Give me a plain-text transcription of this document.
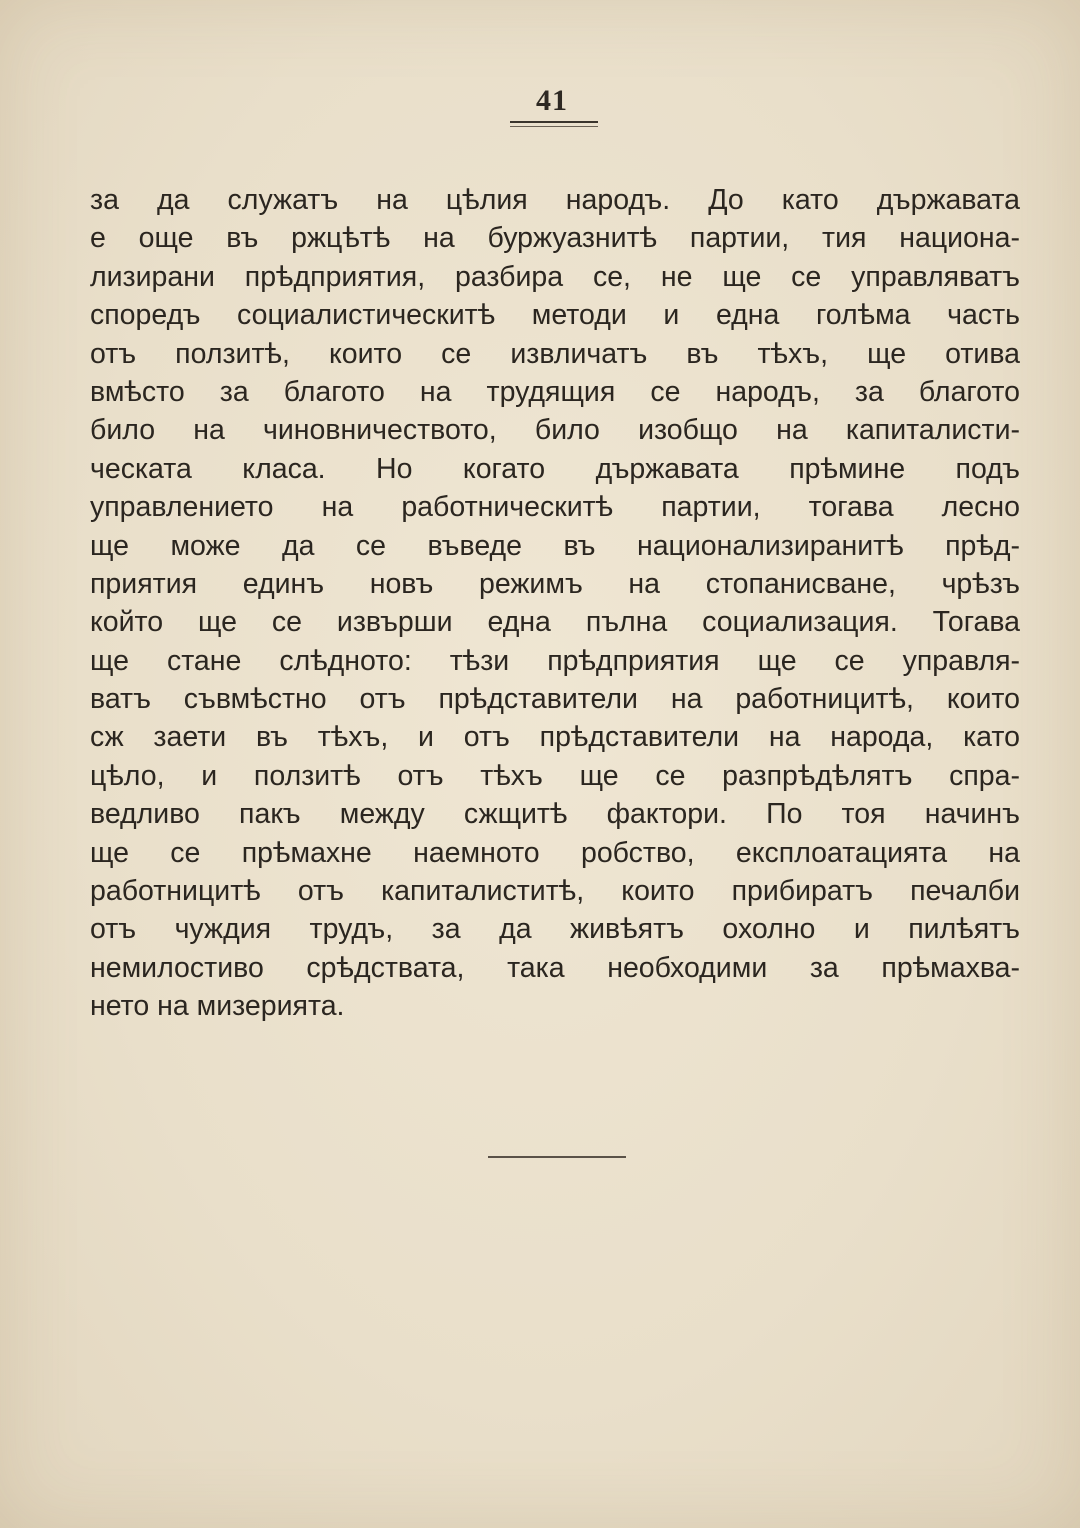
41
за да служатъ на цѣлия народъ. До като държавата
е още въ ржцѣтѣ на буржуазнитѣ партии, тия национа-
лизирани прѣдприятия, разбира се, не ще се управляватъ
споредъ социалистическитѣ методи и една голѣма часть
отъ ползитѣ, които се извличатъ въ тѣхъ, ще отива
вмѣсто за благото на трудящия се народъ, за благото
било на чиновничеството, било изобщо на капиталисти-
ческата класа. Но когато държавата прѣмине подъ
управлението на работническитѣ партии, тогава лесно
ще може да се въведе въ национализиранитѣ прѣд-
приятия единъ новъ режимъ на стопанисване, чрѣзъ
който ще се извърши една пълна социализация. Тогава
ще стане слѣдното: тѣзи прѣдприятия ще се управля-
ватъ съвмѣстно отъ прѣдставители на работницитѣ, които
сж заети въ тѣхъ, и отъ прѣдставители на народа, като
цѣло, и ползитѣ отъ тѣхъ ще се разпрѣдѣлятъ спра-
ведливо пакъ между сжщитѣ фактори. По тоя начинъ
ще се прѣмахне наемното робство, експлоатацията на
работницитѣ отъ капиталиститѣ, които прибиратъ печалби
отъ чуждия трудъ, за да живѣятъ охолно и пилѣятъ
немилостиво срѣдствата, така необходими за прѣмахва-
нето на мизерията.
